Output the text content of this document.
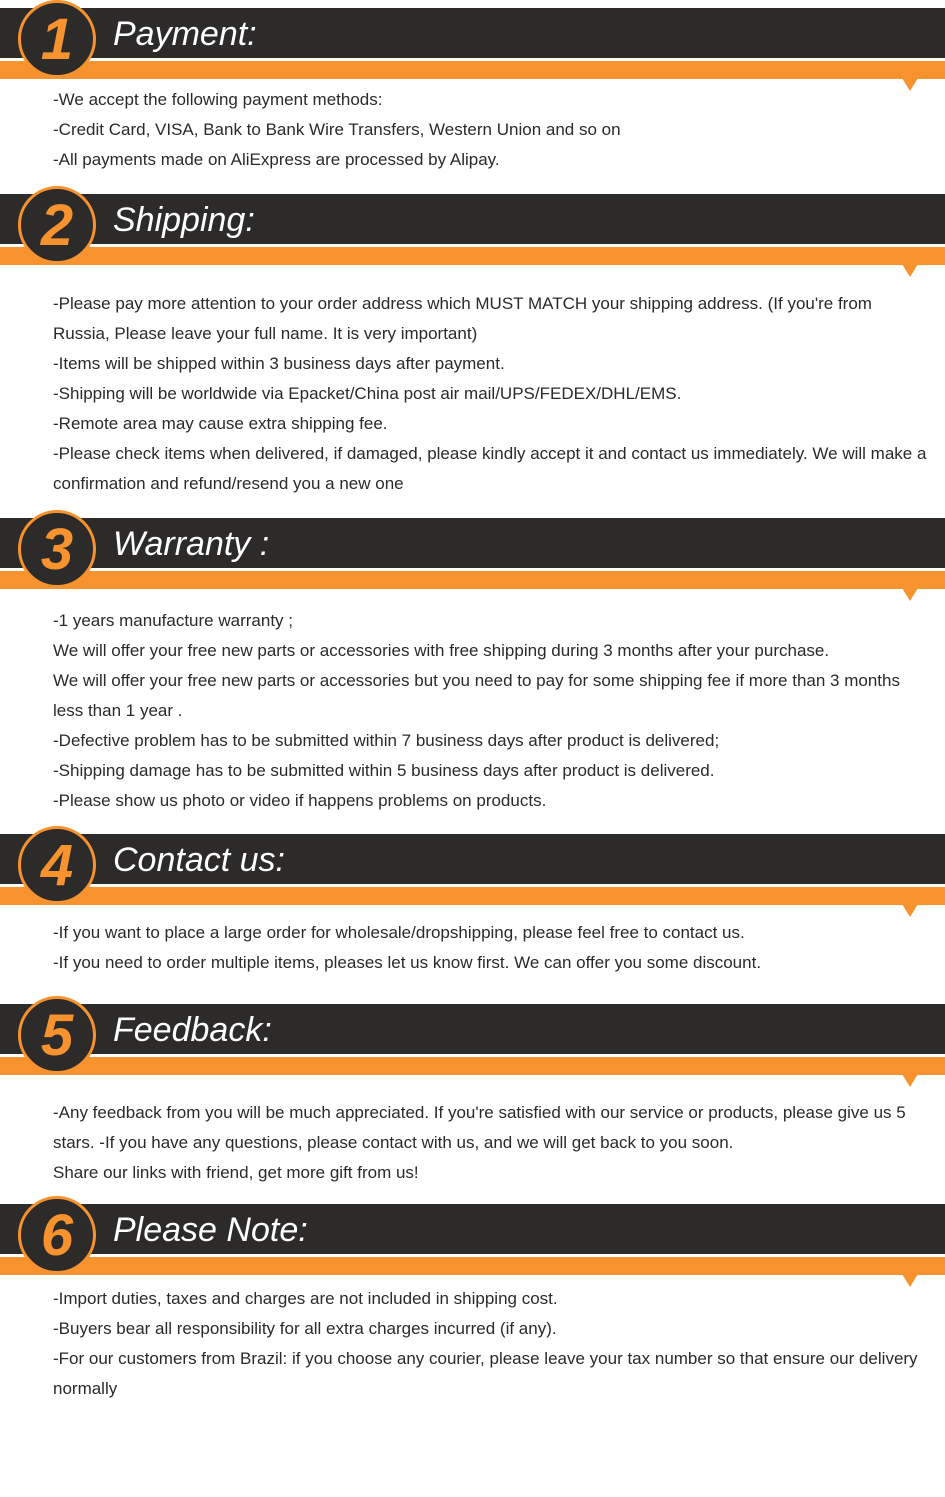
1	Payment:

-We accept the following payment methods:

-Credit Card, VISA, Bank to Bank Wire Transfers, Western Union and so on

-All payments made on AliExpress are processed by Alipay.

2	Shipping:

-Please pay more attention to your order address which MUST MATCH your shipping address. (If you're from Russia, Please leave your full name. It is very important)

-Items will be shipped within 3 business days after payment.

-Shipping will be worldwide via Epacket/China post air mail/UPS/FEDEX/DHL/EMS.

-Remote area may cause extra shipping fee.

-Please check items when delivered, if damaged, please kindly accept it and contact us immediately. We will make a confirmation and refund/resend you a new one

3	Warranty :

-1 years manufacture warranty ;

We will offer your free new parts or accessories with free shipping during 3 months after your purchase.

We will offer your free new parts or accessories but you need to pay for some shipping fee if more than 3 months less than 1 year .

-Defective problem has to be submitted within 7 business days after product is delivered;

-Shipping damage has to be submitted within 5 business days after product is delivered.

-Please show us photo or video if happens problems on products.

4	Contact us:

-If you want to place a large order for wholesale/dropshipping, please feel free to contact us.

-If you need to order multiple items, pleases let us know first. We can offer you some discount.

5	Feedback:

-Any feedback from you will be much appreciated. If you're satisfied with our service or products, please give us 5 stars. -If you have any questions, please contact with us, and we will get back to you soon.

Share our links with friend, get more gift from us!

6	Please Note:

-Import duties, taxes and charges are not included in shipping cost.

-Buyers bear all responsibility for all extra charges incurred (if any).

-For our customers from Brazil: if you choose any courier, please leave your tax number so that ensure our delivery normally
